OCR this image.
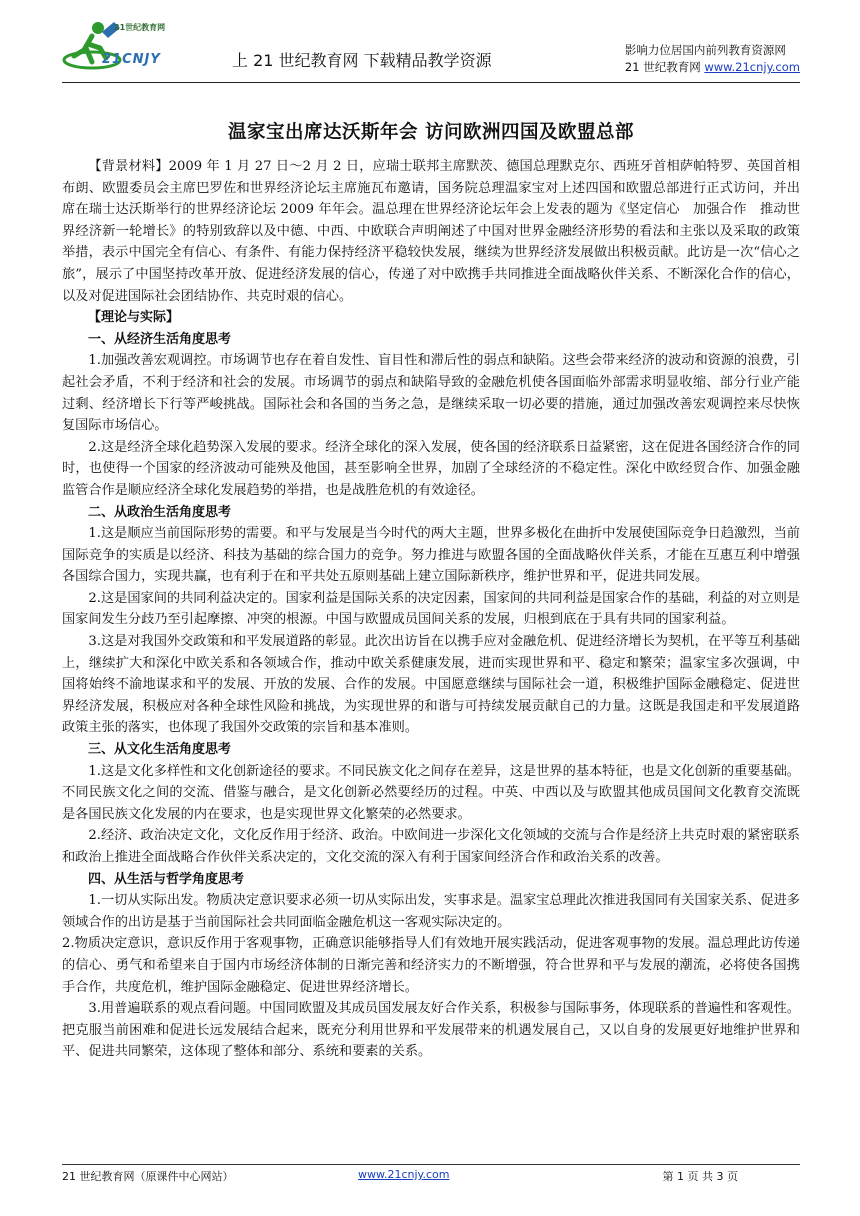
21世纪教育网
21CNJY	上 21 世纪教育网 下载精品教学资源
影响力位居国内前列教育资源网
21 世纪教育网 www.21cnjy.com
温家宝出席达沃斯年会 访问欧洲四国及欧盟总部

【背景材料】2009 年 1 月 27 日～2 月 2 日，应瑞士联邦主席默茨、德国总理默克尔、西班牙首相萨帕特罗、英国首相布朗、欧盟委员会主席巴罗佐和世界经济论坛主席施瓦布邀请，国务院总理温家宝对上述四国和欧盟总部进行正式访问，并出席在瑞士达沃斯举行的世界经济论坛 2009 年年会。温总理在世界经济论坛年会上发表的题为《坚定信心　加强合作　推动世界经济新一轮增长》的特别致辞以及中德、中西、中欧联合声明阐述了中国对世界金融经济形势的看法和主张以及采取的政策举措，表示中国完全有信心、有条件、有能力保持经济平稳较快发展，继续为世界经济发展做出积极贡献。此访是一次“信心之旅”，展示了中国坚持改革开放、促进经济发展的信心，传递了对中欧携手共同推进全面战略伙伴关系、不断深化合作的信心，以及对促进国际社会团结协作、共克时艰的信心。

【理论与实际】

一、从经济生活角度思考

1.加强改善宏观调控。市场调节也存在着自发性、盲目性和滞后性的弱点和缺陷。这些会带来经济的波动和资源的浪费，引起社会矛盾，不利于经济和社会的发展。市场调节的弱点和缺陷导致的金融危机使各国面临外部需求明显收缩、部分行业产能过剩、经济增长下行等严峻挑战。国际社会和各国的当务之急，是继续采取一切必要的措施，通过加强改善宏观调控来尽快恢复国际市场信心。

2.这是经济全球化趋势深入发展的要求。经济全球化的深入发展，使各国的经济联系日益紧密，这在促进各国经济合作的同时，也使得一个国家的经济波动可能殃及他国，甚至影响全世界，加剧了全球经济的不稳定性。深化中欧经贸合作、加强金融监管合作是顺应经济全球化发展趋势的举措，也是战胜危机的有效途径。

二、从政治生活角度思考

1.这是顺应当前国际形势的需要。和平与发展是当今时代的两大主题，世界多极化在曲折中发展使国际竞争日趋激烈，当前国际竞争的实质是以经济、科技为基础的综合国力的竞争。努力推进与欧盟各国的全面战略伙伴关系，才能在互惠互利中增强各国综合国力，实现共赢，也有利于在和平共处五原则基础上建立国际新秩序，维护世界和平，促进共同发展。

2.这是国家间的共同利益决定的。国家利益是国际关系的决定因素，国家间的共同利益是国家合作的基础，利益的对立则是国家间发生分歧乃至引起摩擦、冲突的根源。中国与欧盟成员国间关系的发展，归根到底在于具有共同的国家利益。

3.这是对我国外交政策和和平发展道路的彰显。此次出访旨在以携手应对金融危机、促进经济增长为契机，在平等互利基础上，继续扩大和深化中欧关系和各领域合作，推动中欧关系健康发展，进而实现世界和平、稳定和繁荣；温家宝多次强调，中国将始终不渝地谋求和平的发展、开放的发展、合作的发展。中国愿意继续与国际社会一道，积极维护国际金融稳定、促进世界经济发展，积极应对各种全球性风险和挑战，为实现世界的和谐与可持续发展贡献自己的力量。这既是我国走和平发展道路政策主张的落实，也体现了我国外交政策的宗旨和基本准则。

三、从文化生活角度思考

1.这是文化多样性和文化创新途径的要求。不同民族文化之间存在差异，这是世界的基本特征，也是文化创新的重要基础。不同民族文化之间的交流、借鉴与融合，是文化创新必然要经历的过程。中英、中西以及与欧盟其他成员国间文化教育交流既是各国民族文化发展的内在要求，也是实现世界文化繁荣的必然要求。

2.经济、政治决定文化，文化反作用于经济、政治。中欧间进一步深化文化领域的交流与合作是经济上共克时艰的紧密联系和政治上推进全面战略合作伙伴关系决定的，文化交流的深入有利于国家间经济合作和政治关系的改善。

四、从生活与哲学角度思考

1.一切从实际出发。物质决定意识要求必须一切从实际出发，实事求是。温家宝总理此次推进我国同有关国家关系、促进多领域合作的出访是基于当前国际社会共同面临金融危机这一客观实际决定的。

2.物质决定意识，意识反作用于客观事物，正确意识能够指导人们有效地开展实践活动，促进客观事物的发展。温总理此访传递的信心、勇气和希望来自于国内市场经济体制的日渐完善和经济实力的不断增强，符合世界和平与发展的潮流，必将使各国携手合作，共度危机，维护国际金融稳定、促进世界经济增长。

3.用普遍联系的观点看问题。中国同欧盟及其成员国发展友好合作关系，积极参与国际事务，体现联系的普遍性和客观性。把克服当前困难和促进长远发展结合起来，既充分利用世界和平发展带来的机遇发展自己，又以自身的发展更好地维护世界和平、促进共同繁荣，这体现了整体和部分、系统和要素的关系。

21 世纪教育网（原课件中心网站）	www.21cnjy.com	第 1 页 共 3 页
